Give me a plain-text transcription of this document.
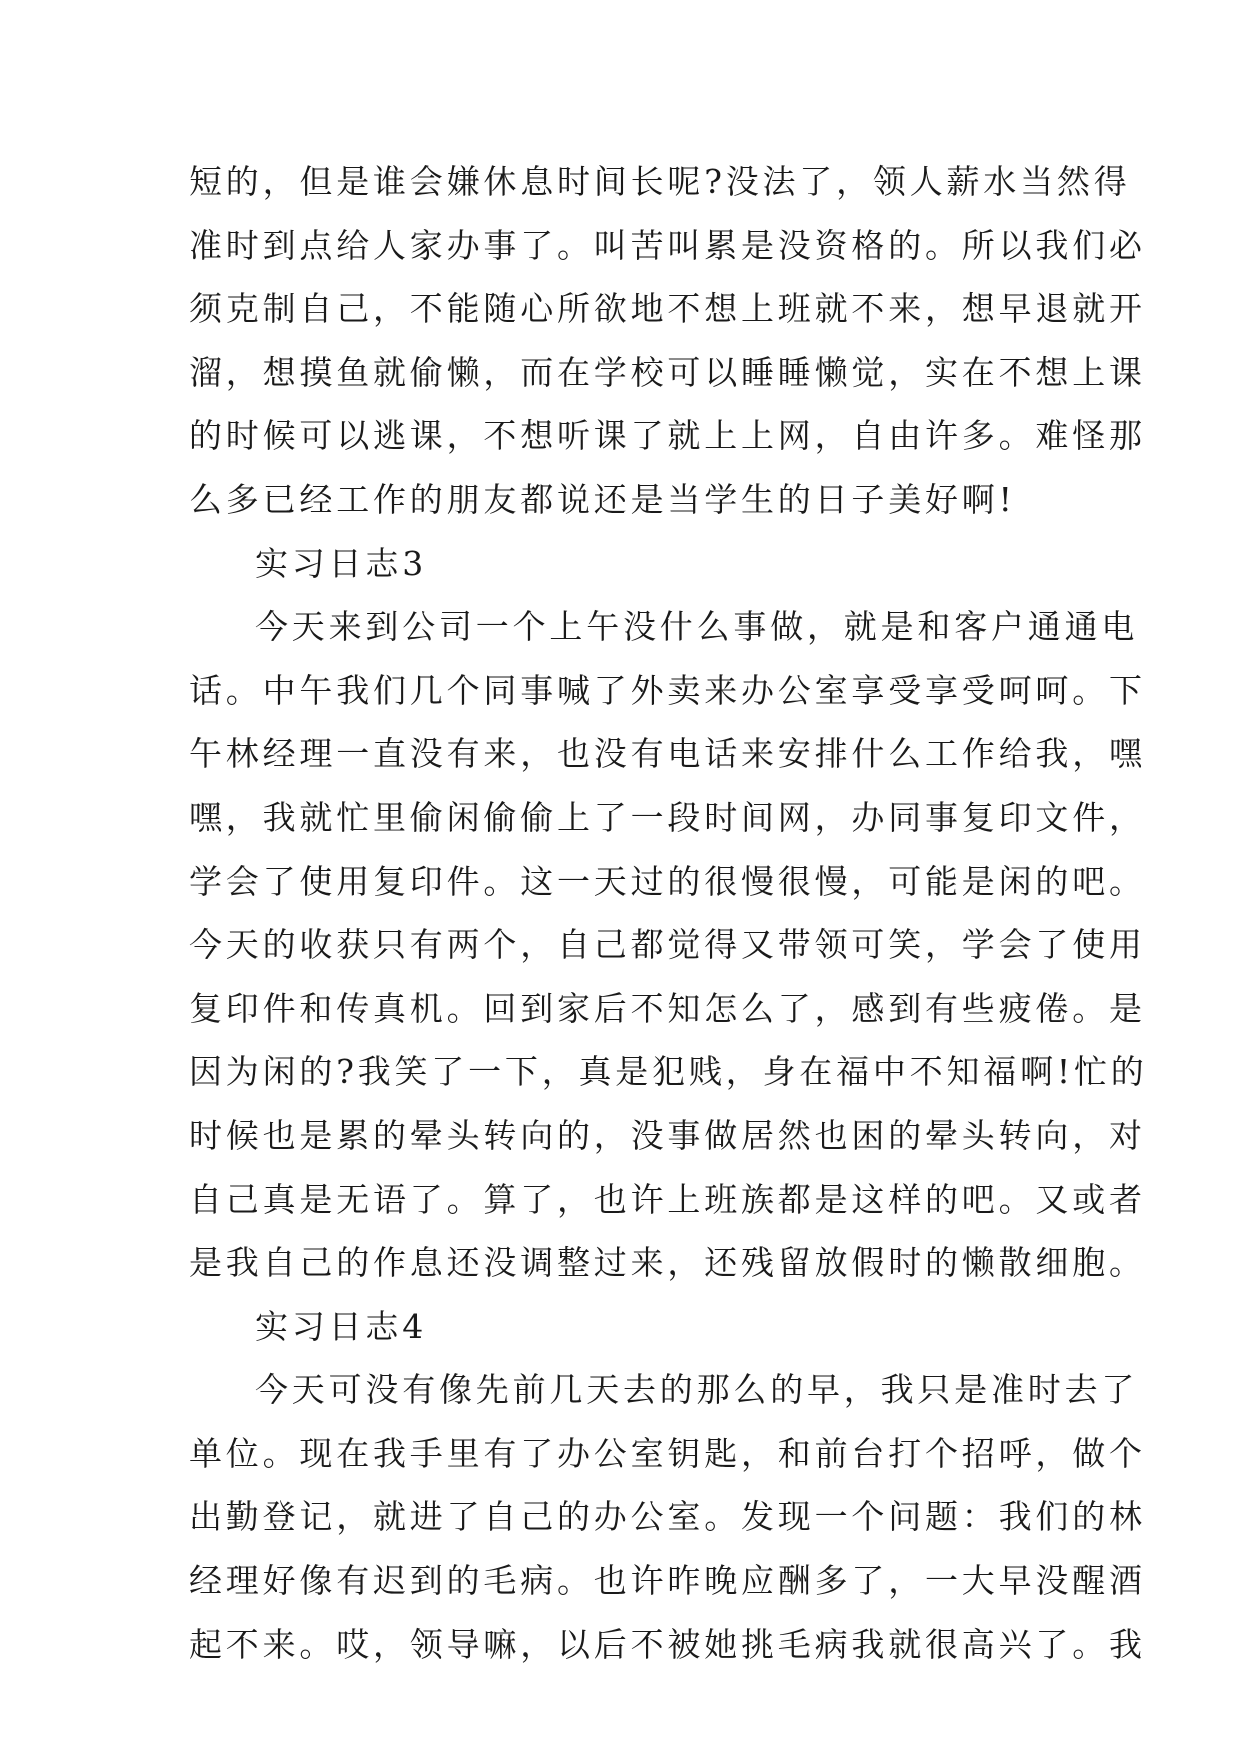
短的，但是谁会嫌休息时间长呢?没法了，领人薪水当然得
准时到点给人家办事了。叫苦叫累是没资格的。所以我们必
须克制自己，不能随心所欲地不想上班就不来，想早退就开
溜，想摸鱼就偷懒，而在学校可以睡睡懒觉，实在不想上课
的时候可以逃课，不想听课了就上上网，自由许多。难怪那
么多已经工作的朋友都说还是当学生的日子美好啊!
实习日志3
今天来到公司一个上午没什么事做，就是和客户通通电
话。中午我们几个同事喊了外卖来办公室享受享受呵呵。下
午林经理一直没有来，也没有电话来安排什么工作给我，嘿
嘿，我就忙里偷闲偷偷上了一段时间网，办同事复印文件，
学会了使用复印件。这一天过的很慢很慢，可能是闲的吧。
今天的收获只有两个，自己都觉得又带领可笑，学会了使用
复印件和传真机。回到家后不知怎么了，感到有些疲倦。是
因为闲的?我笑了一下，真是犯贱，身在福中不知福啊!忙的
时候也是累的晕头转向的，没事做居然也困的晕头转向，对
自己真是无语了。算了，也许上班族都是这样的吧。又或者
是我自己的作息还没调整过来，还残留放假时的懒散细胞。
实习日志4
今天可没有像先前几天去的那么的早，我只是准时去了
单位。现在我手里有了办公室钥匙，和前台打个招呼，做个
出勤登记，就进了自己的办公室。发现一个问题：我们的林
经理好像有迟到的毛病。也许昨晚应酬多了，一大早没醒酒
起不来。哎，领导嘛，以后不被她挑毛病我就很高兴了。我
